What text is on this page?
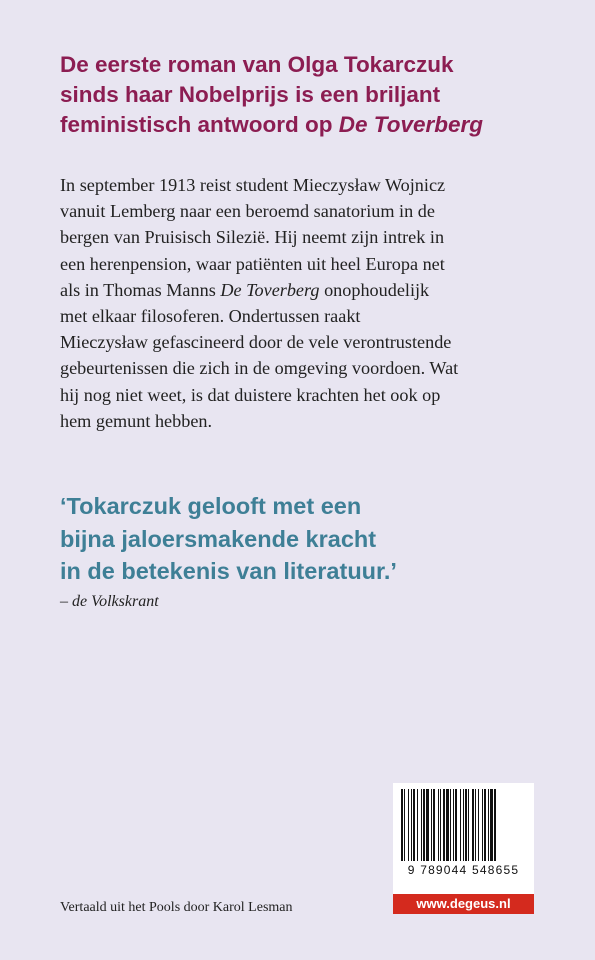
De eerste roman van Olga Tokarczuk
sinds haar Nobelprijs is een briljant
feministisch antwoord op De Toverberg
In september 1913 reist student Mieczysław Wojnicz
vanuit Lemberg naar een beroemd sanatorium in de
bergen van Pruisisch Silezië. Hij neemt zijn intrek in
een herenpension, waar patiënten uit heel Europa net
als in Thomas Manns De Toverberg onophoudelijk
met elkaar filosoferen. Ondertussen raakt
Mieczysław gefascineerd door de vele verontrustende
gebeurtenissen die zich in de omgeving voordoen. Wat
hij nog niet weet, is dat duistere krachten het ook op
hem gemunt hebben.
‘Tokarczuk gelooft met een
bijna jaloersmakende kracht
in de betekenis van literatuur.’
– de Volkskrant
9 789044 548655
www.degeus.nl
Vertaald uit het Pools door Karol Lesman
